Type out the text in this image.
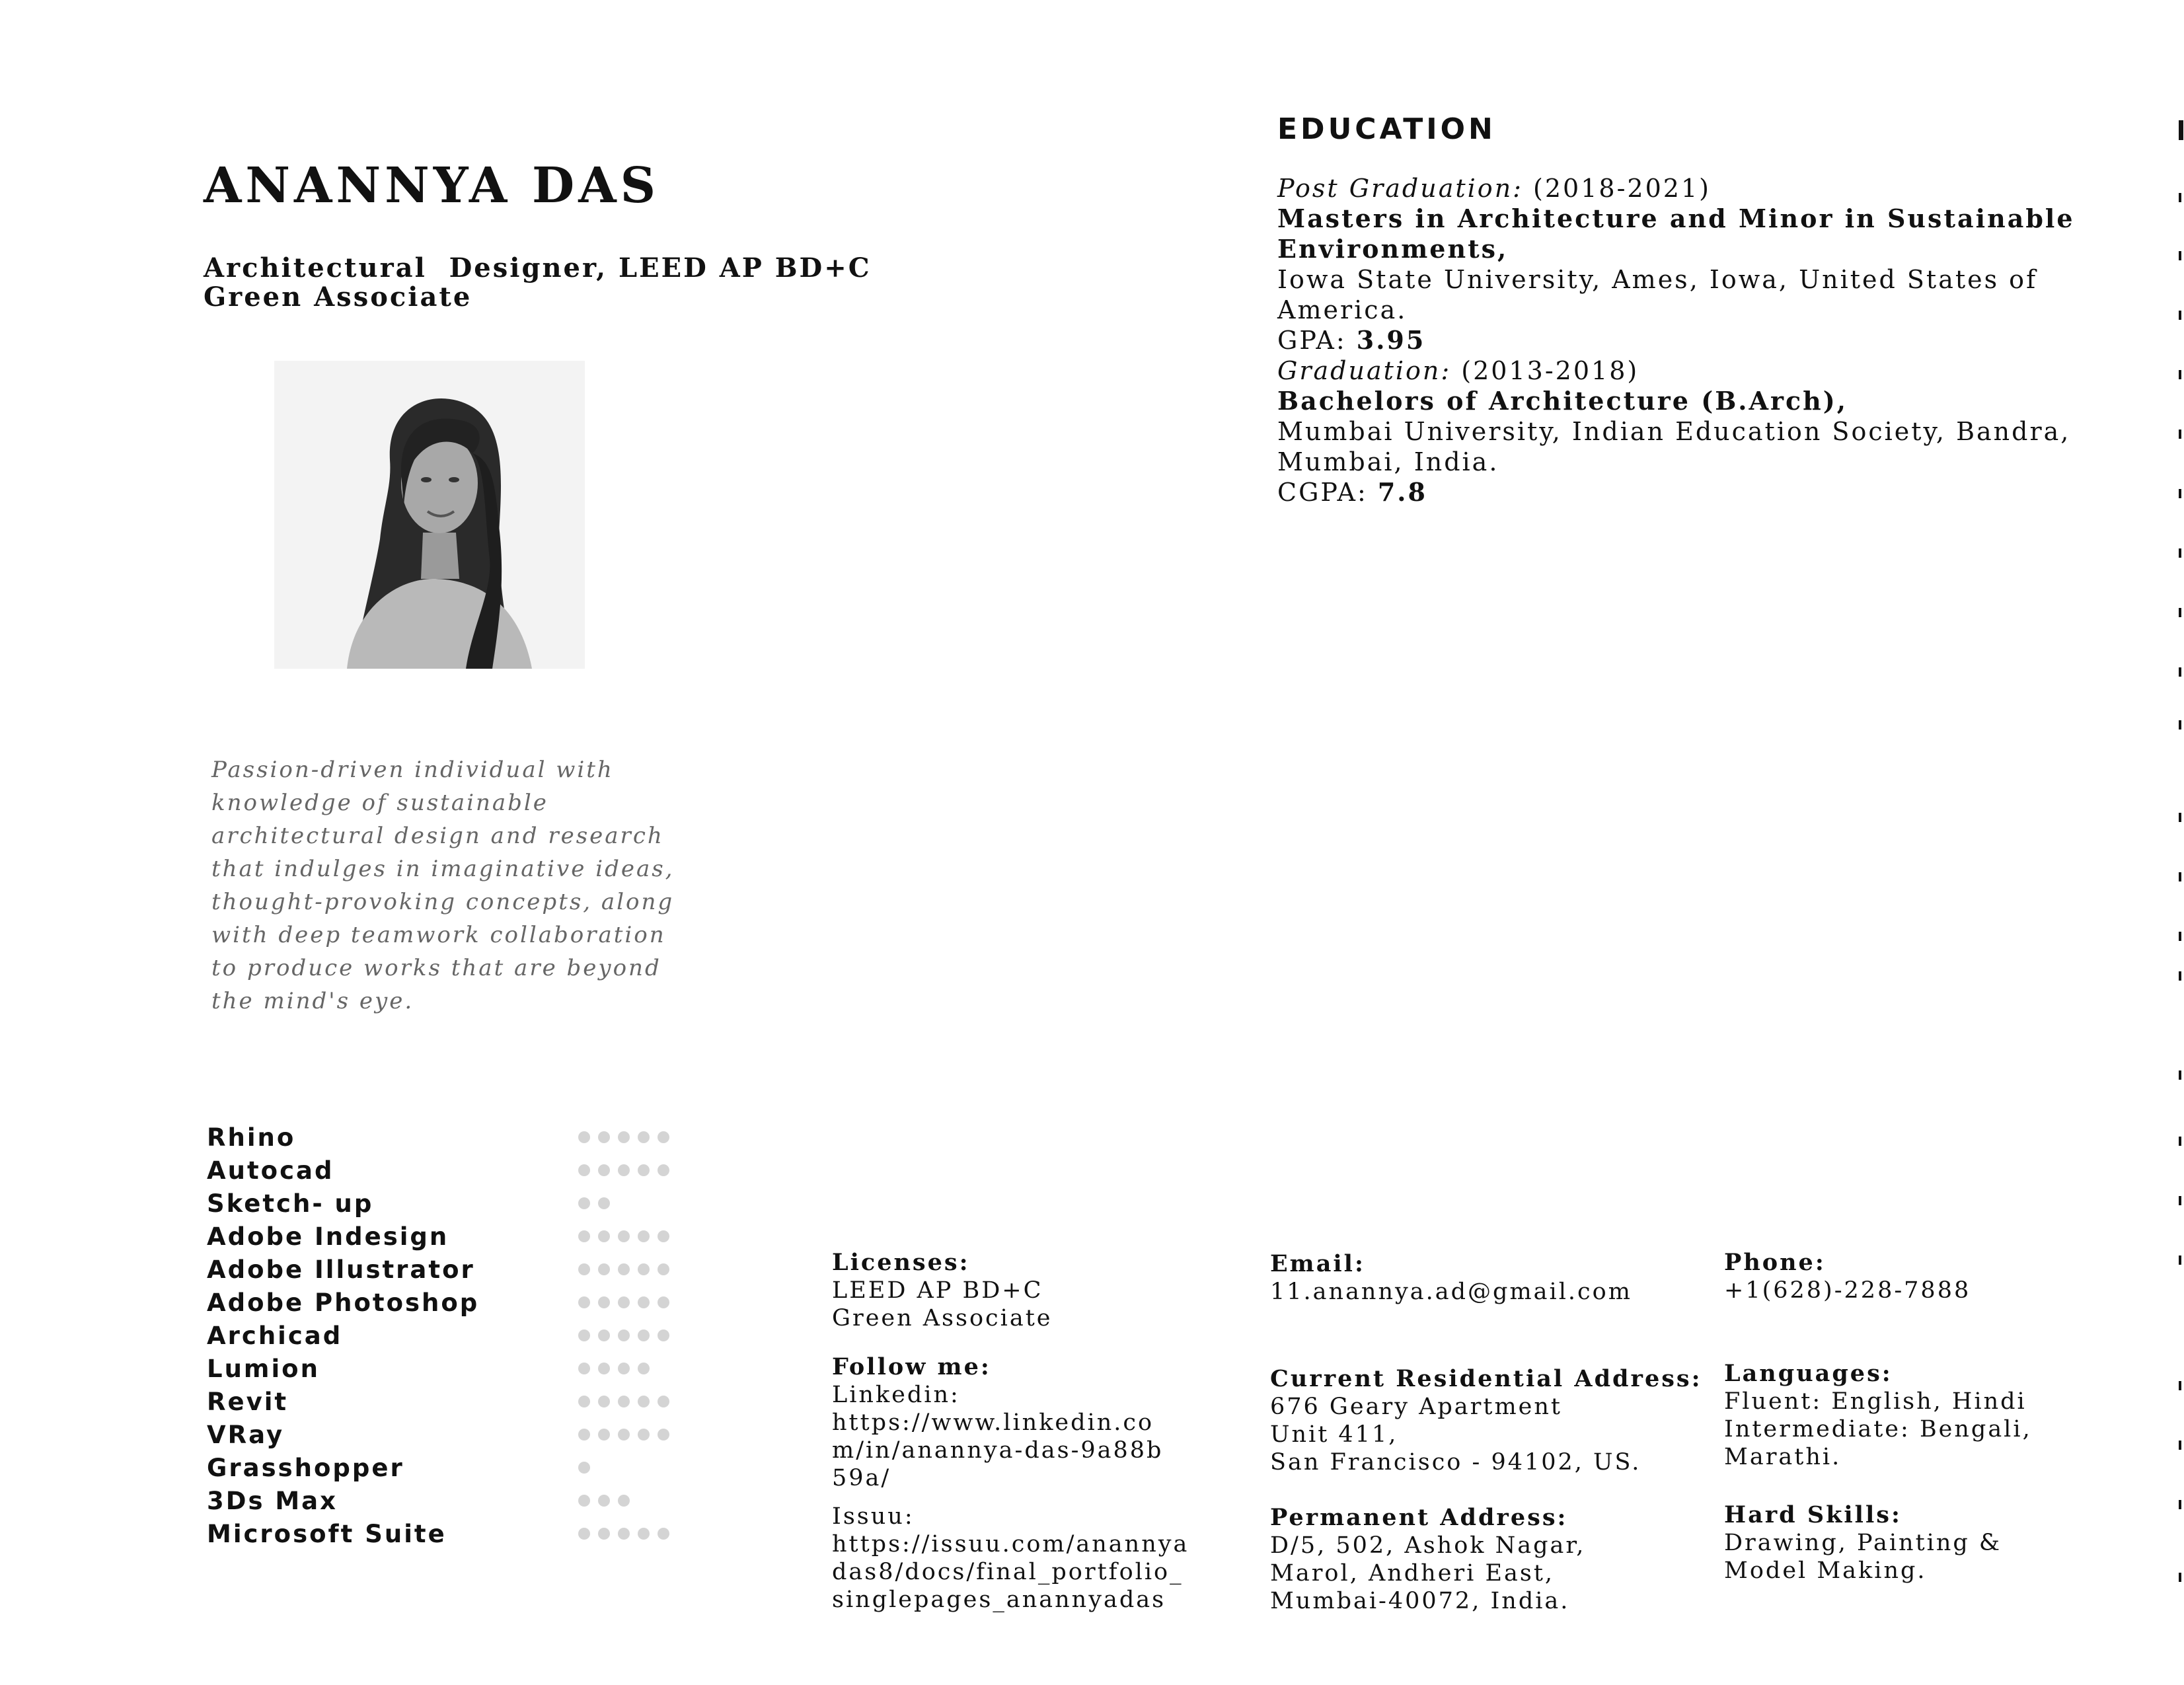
ANANNYA DAS
Architectural  Designer, LEED AP BD+C
Green Associate
Passion-driven individual with knowledge of sustainable architectural design and research that indulges in imaginative ideas, thought-provoking concepts, along with deep teamwork collaboration to produce works that are beyond the mind's eye.
Rhino
Autocad
Sketch- up
Adobe Indesign
Adobe Illustrator
Adobe Photoshop
Archicad
Lumion
Revit
VRay
Grasshopper
3Ds Max
Microsoft Suite
EDUCATION
Post Graduation: (2018-2021)
Masters in Architecture and Minor in Sustainable
Environments,
Iowa State University, Ames, Iowa, United States of
America.
GPA: 3.95
Graduation: (2013-2018)
Bachelors of Architecture (B.Arch),
Mumbai University, Indian Education Society, Bandra,
Mumbai, India.
CGPA: 7.8
Licenses:
LEED AP BD+C
Green Associate
Follow me:
Linkedin:
https://www.linkedin.co
m/in/anannya-das-9a88b
59a/
Issuu:
https://issuu.com/anannya
das8/docs/final_portfolio_
singlepages_anannyadas
Email:
11.anannya.ad@gmail.com
Current Residential Address:
676 Geary Apartment
Unit 411,
San Francisco - 94102, US.
Permanent Address:
D/5, 502, Ashok Nagar,
Marol, Andheri East,
Mumbai-40072, India.
Phone:
+1(628)-228-7888
Languages:
Fluent: English, Hindi
Intermediate: Bengali,
Marathi.
Hard Skills:
Drawing, Painting &
Model Making.
